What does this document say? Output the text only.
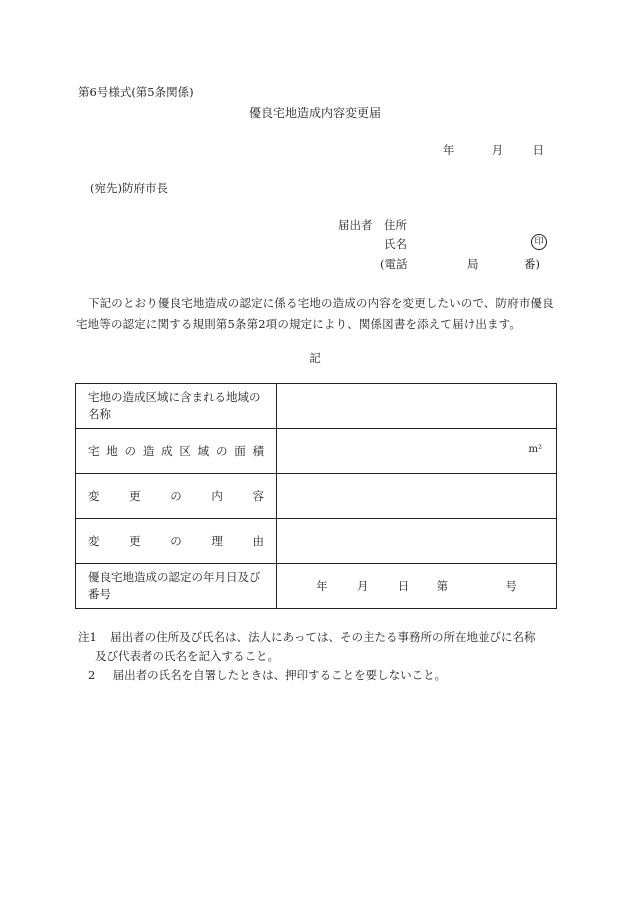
第6号様式(第5条関係)
優良宅地造成内容変更届
年	月	日
(宛先)防府市長
届出者 住所
氏名	印
(電話	局	番)
下記のとおり優良宅地造成の認定に係る宅地の造成の内容を変更したいので、防府市優良宅地等の認定に関する規則第5条第2項の規定により、関係図書を添えて届け出ます。
記
宅地の造成区域に含まれる地域の名称	
宅地の造成区域の面積	m²

変更の内容	
変更の理由	
優良宅地造成の認定の年月日及び番号	年 月 日 第 号
注1 届出者の住所及び氏名は、法人にあっては、その主たる事務所の所在地並びに名称
及び代表者の氏名を記入すること。
2 届出者の氏名を自署したときは、押印することを要しないこと。
